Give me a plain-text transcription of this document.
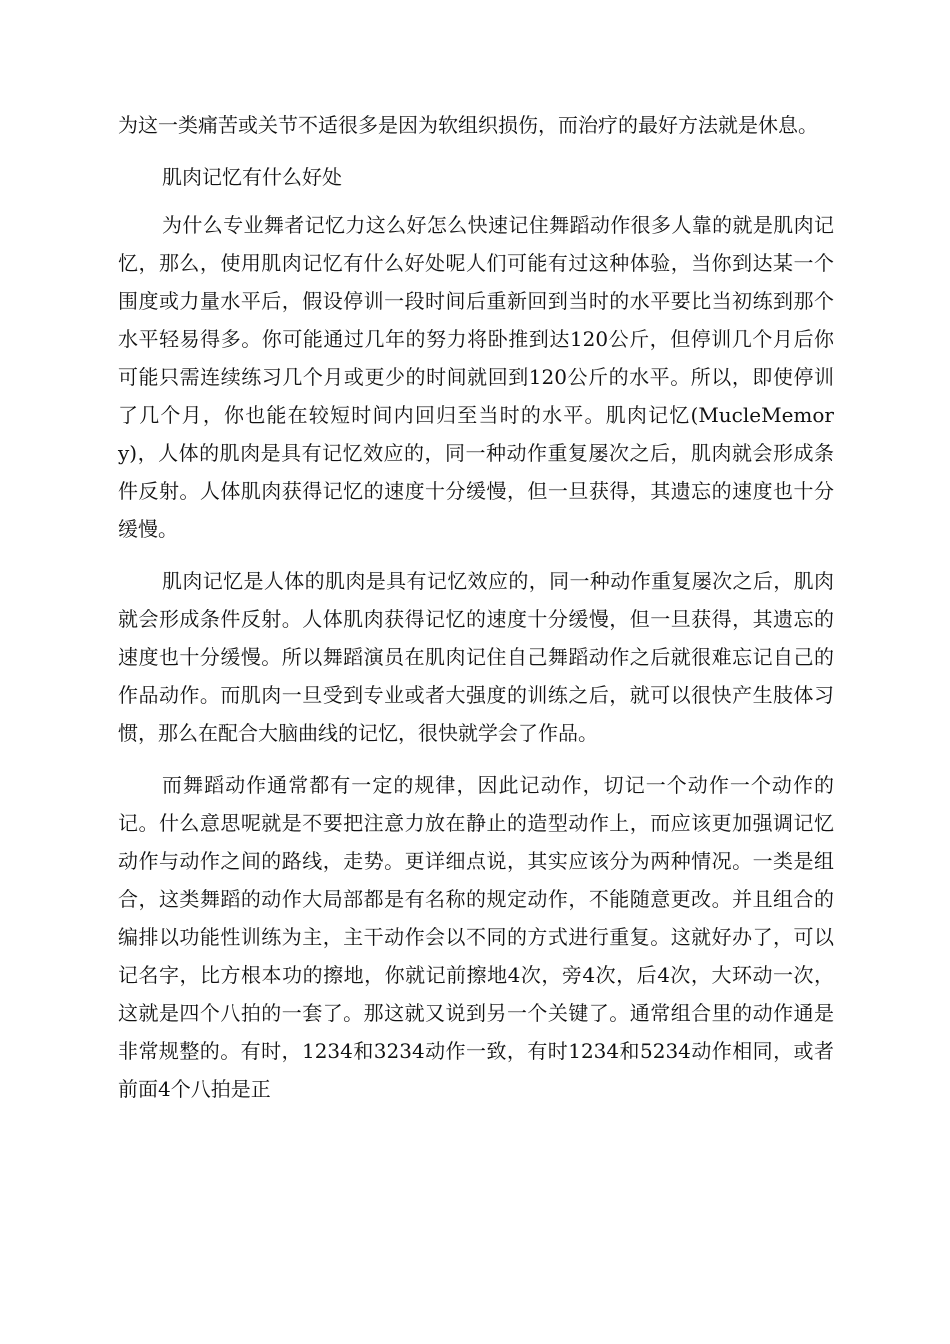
为这一类痛苦或关节不适很多是因为软组织损伤，而治疗的最好方法就是休息。

肌肉记忆有什么好处

为什么专业舞者记忆力这么好怎么快速记住舞蹈动作很多人靠的就是肌肉记忆，那么，使用肌肉记忆有什么好处呢人们可能有过这种体验，当你到达某一个围度或力量水平后，假设停训一段时间后重新回到当时的水平要比当初练到那个水平轻易得多。你可能通过几年的努力将卧推到达120公斤，但停训几个月后你可能只需连续练习几个月或更少的时间就回到120公斤的水平。所以，即使停训了几个月，你也能在较短时间内回归至当时的水平。肌肉记忆(MucleMemory)，人体的肌肉是具有记忆效应的，同一种动作重复屡次之后，肌肉就会形成条件反射。人体肌肉获得记忆的速度十分缓慢，但一旦获得，其遗忘的速度也十分缓慢。

肌肉记忆是人体的肌肉是具有记忆效应的，同一种动作重复屡次之后，肌肉就会形成条件反射。人体肌肉获得记忆的速度十分缓慢，但一旦获得，其遗忘的速度也十分缓慢。所以舞蹈演员在肌肉记住自己舞蹈动作之后就很难忘记自己的作品动作。而肌肉一旦受到专业或者大强度的训练之后，就可以很快产生肢体习惯，那么在配合大脑曲线的记忆，很快就学会了作品。

而舞蹈动作通常都有一定的规律，因此记动作，切记一个动作一个动作的记。什么意思呢就是不要把注意力放在静止的造型动作上，而应该更加强调记忆动作与动作之间的路线，走势。更详细点说，其实应该分为两种情况。一类是组合，这类舞蹈的动作大局部都是有名称的规定动作，不能随意更改。并且组合的编排以功能性训练为主，主干动作会以不同的方式进行重复。这就好办了，可以记名字，比方根本功的擦地，你就记前擦地4次，旁4次，后4次，大环动一次，这就是四个八拍的一套了。那这就又说到另一个关键了。通常组合里的动作通是非常规整的。有时，1234和3234动作一致，有时1234和5234动作相同，或者前面4个八拍是正
